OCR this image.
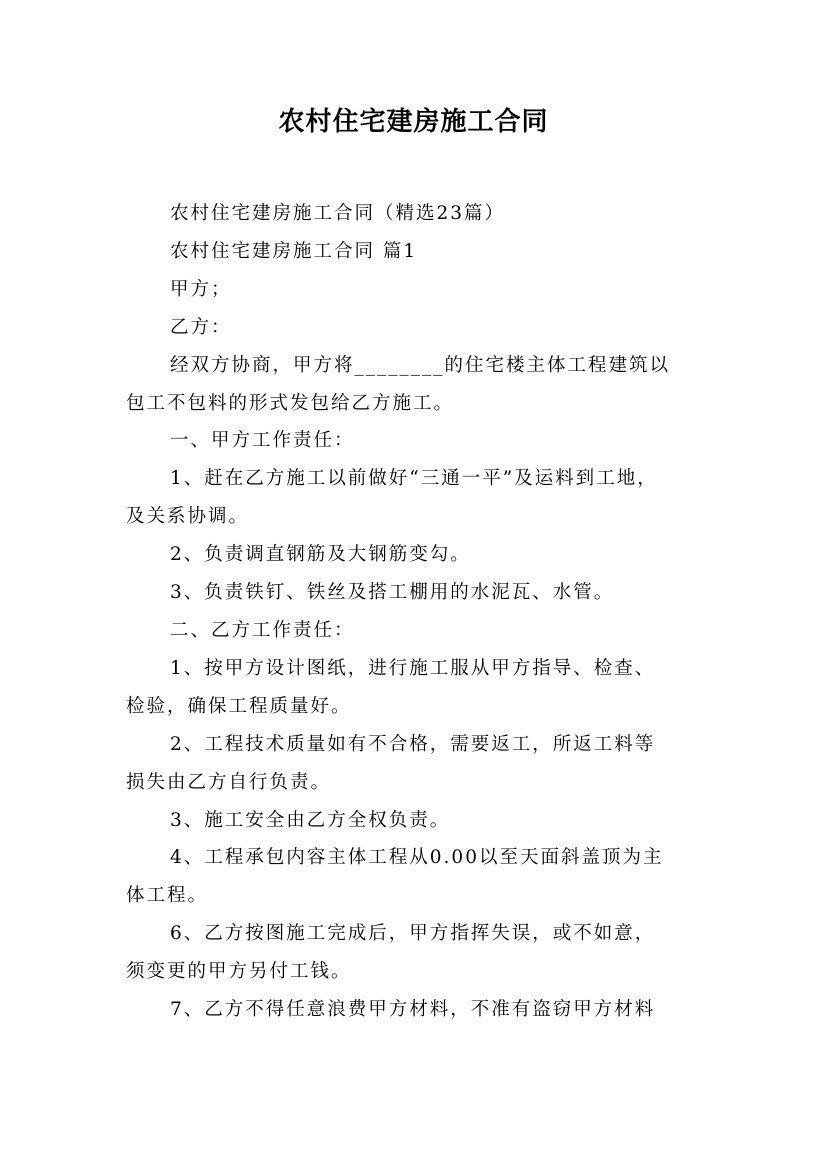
农村住宅建房施工合同

农村住宅建房施工合同（精选23篇）

农村住宅建房施工合同 篇1

甲方；

乙方：

经双方协商，甲方将________的住宅楼主体工程建筑以

包工不包料的形式发包给乙方施工。

一、甲方工作责任：

1、赶在乙方施工以前做好“三通一平”及运料到工地，

及关系协调。

2、负责调直钢筋及大钢筋变勾。

3、负责铁钉、铁丝及搭工棚用的水泥瓦、水管。

二、乙方工作责任：

1、按甲方设计图纸，进行施工服从甲方指导、检查、

检验，确保工程质量好。

2、工程技术质量如有不合格，需要返工，所返工料等

损失由乙方自行负责。

3、施工安全由乙方全权负责。

4、工程承包内容主体工程从0.00以至天面斜盖顶为主

体工程。

6、乙方按图施工完成后，甲方指挥失误，或不如意，

须变更的甲方另付工钱。

7、乙方不得任意浪费甲方材料，不准有盗窃甲方材料
